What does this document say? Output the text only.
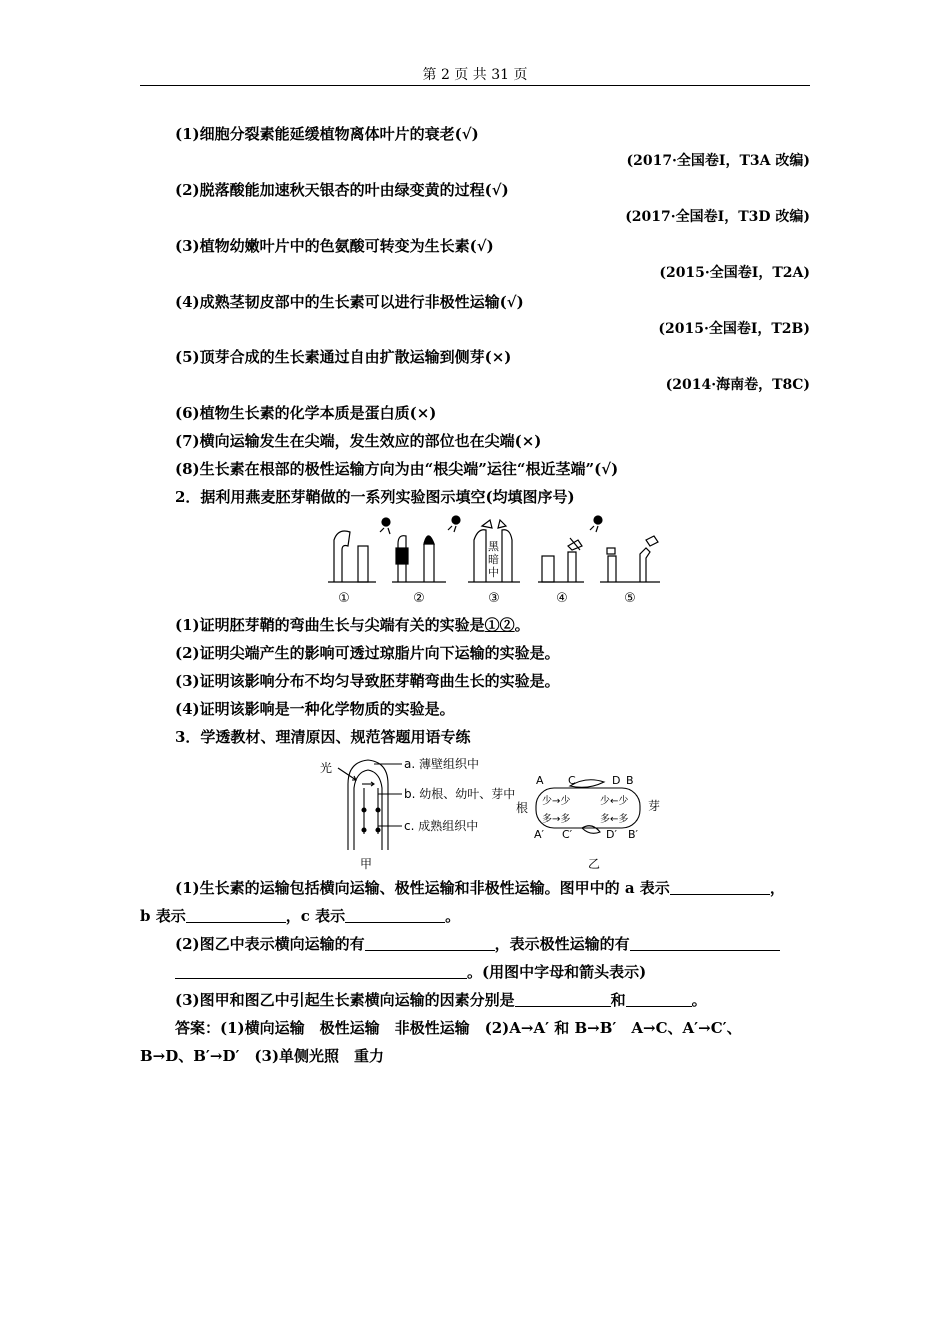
第 2 页 共 31 页
(1)细胞分裂素能延缓植物离体叶片的衰老(√)
(2017·全国卷Ⅰ，T3A 改编)
(2)脱落酸能加速秋天银杏的叶由绿变黄的过程(√)
(2017·全国卷Ⅰ，T3D 改编)
(3)植物幼嫩叶片中的色氨酸可转变为生长素(√)
(2015·全国卷Ⅰ，T2A)
(4)成熟茎韧皮部中的生长素可以进行非极性运输(√)
(2015·全国卷Ⅰ，T2B)
(5)顶芽合成的生长素通过自由扩散运输到侧芽(×)
(2014·海南卷，T8C)
(6)植物生长素的化学本质是蛋白质(×)
(7)横向运输发生在尖端，发生效应的部位也在尖端(×)
(8)生长素在根部的极性运输方向为由“根尖端”运往“根近茎端”(√)
2．据利用燕麦胚芽鞘做的一系列实验图示填空(均填图序号)
黑暗中
①	②	③	④	⑤
(1)证明胚芽鞘的弯曲生长与尖端有关的实验是①②。
(2)证明尖端产生的影响可透过琼脂片向下运输的实验是。
(3)证明该影响分布不均匀导致胚芽鞘弯曲生长的实验是。
(4)证明该影响是一种化学物质的实验是。
3．学透教材、理清原因、规范答题用语专练
光	a. 薄壁组织中
b. 幼根、幼叶、芽中
c. 成熟组织中
甲
A C	D B
A′ C′	D′ B′
根	芽
少→少	少←少
多→多	多←多
乙
(1)生长素的运输包括横向运输、极性运输和非极性运输。图甲中的 a 表示	，
b 表示	，c 表示	。
(2)图乙中表示横向运输的有	，表示极性运输的有
。(用图中字母和箭头表示)
(3)图甲和图乙中引起生长素横向运输的因素分别是	和	。
答案：(1)横向运输　极性运输　非极性运输　(2)A→A′ 和 B→B′　A→C、A′→C′、
B→D、B′→D′　(3)单侧光照　重力
